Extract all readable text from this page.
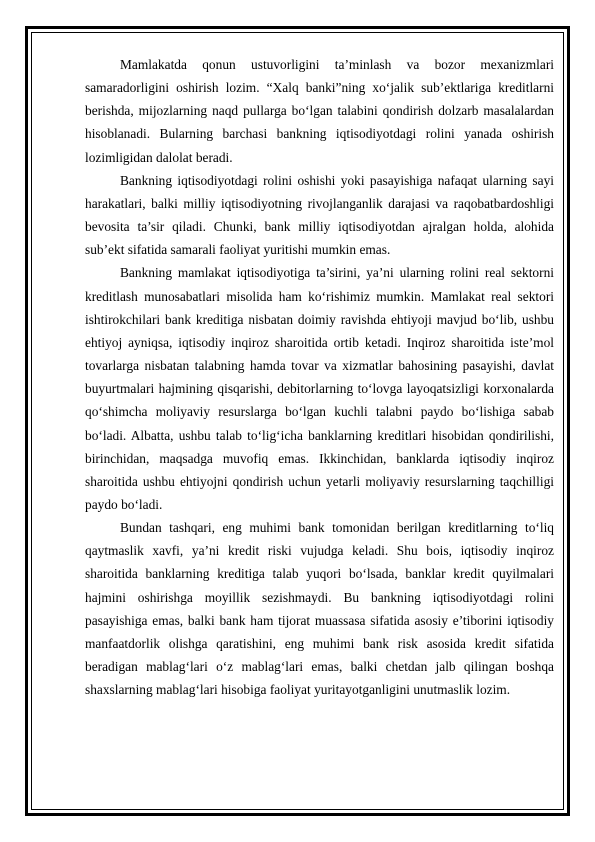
Mamlakatda qonun ustuvorligini ta’minlash va bozor mexanizmlari samaradorligini oshirish lozim. “Xalq banki”ning xo‘jalik sub’ektlariga kreditlarni berishda, mijozlarning naqd pullarga bo‘lgan talabini qondirish dolzarb masalalardan hisoblanadi. Bularning barchasi bankning iqtisodiyotdagi rolini yanada oshirish lozimligidan dalolat beradi.

Bankning iqtisodiyotdagi rolini oshishi yoki pasayishiga nafaqat ularning sayi harakatlari, balki milliy iqtisodiyotning rivojlanganlik darajasi va raqobatbardoshligi bevosita ta’sir qiladi. Chunki, bank milliy iqtisodiyotdan ajralgan holda, alohida sub’ekt sifatida samarali faoliyat yuritishi mumkin emas.

Bankning mamlakat iqtisodiyotiga ta’sirini, ya’ni ularning rolini real sektorni kreditlash munosabatlari misolida ham ko‘rishimiz mumkin. Mamlakat real sektori ishtirokchilari bank kreditiga nisbatan doimiy ravishda ehtiyoji mavjud bo‘lib, ushbu ehtiyoj ayniqsa, iqtisodiy inqiroz sharoitida ortib ketadi. Inqiroz sharoitida iste’mol tovarlarga nisbatan talabning hamda tovar va xizmatlar bahosining pasayishi, davlat buyurtmalari hajmining qisqarishi, debitorlarning to‘lovga layoqatsizligi korxonalarda qo‘shimcha moliyaviy resurslarga bo‘lgan kuchli talabni paydo bo‘lishiga sabab bo‘ladi. Albatta, ushbu talab to‘lig‘icha banklarning kreditlari hisobidan qondirilishi, birinchidan, maqsadga muvofiq emas. Ikkinchidan, banklarda iqtisodiy inqiroz sharoitida ushbu ehtiyojni qondirish uchun yetarli moliyaviy resurslarning taqchilligi paydo bo‘ladi.

Bundan tashqari, eng muhimi bank tomonidan berilgan kreditlarning to‘liq qaytmaslik xavfi, ya’ni kredit riski vujudga keladi. Shu bois, iqtisodiy inqiroz sharoitida banklarning kreditiga talab yuqori bo‘lsada, banklar kredit quyilmalari hajmini oshirishga moyillik sezishmaydi. Bu bankning iqtisodiyotdagi rolini pasayishiga emas, balki bank ham tijorat muassasa sifatida asosiy e’tiborini iqtisodiy manfaatdorlik olishga qaratishini, eng muhimi bank risk asosida kredit sifatida beradigan mablag‘lari o‘z mablag‘lari emas, balki chetdan jalb qilingan boshqa shaxslarning mablag‘lari hisobiga faoliyat yuritayotganligini unutmaslik lozim.
